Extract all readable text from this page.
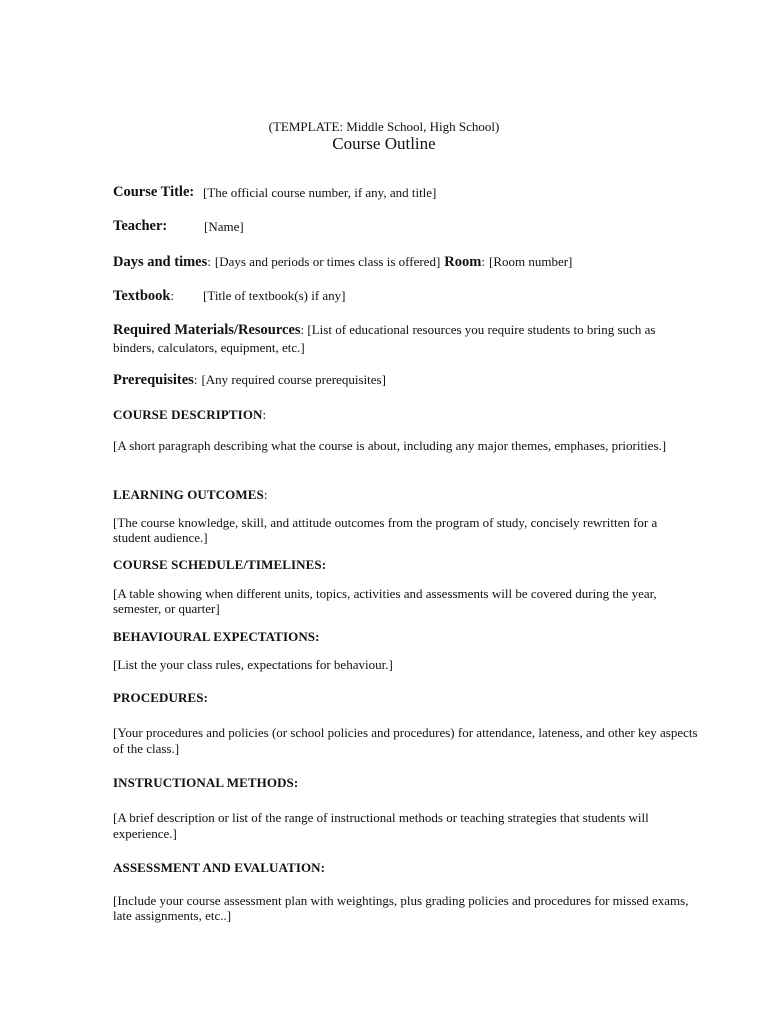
(TEMPLATE: Middle School, High School)

Course Outline

Course Title: [The official course number, if any, and title]
Teacher:	[Name]
Days and times: [Days and periods or times class is offered] Room: [Room number]
Textbook: [Title of textbook(s) if any]

Required Materials/Resources: [List of educational resources you require students to bring such as binders, calculators, equipment, etc.]

Prerequisites: [Any required course prerequisites]
COURSE DESCRIPTION:

[A short paragraph describing what the course is about, including any major themes, emphases, priorities.]

LEARNING OUTCOMES:

[The course knowledge, skill, and attitude outcomes from the program of study, concisely rewritten for a student audience.]

COURSE SCHEDULE/TIMELINES:

[A table showing when different units, topics, activities and assessments will be covered during the year, semester, or quarter]

BEHAVIOURAL EXPECTATIONS:

[List the your class rules, expectations for behaviour.]

PROCEDURES:

[Your procedures and policies (or school policies and procedures) for attendance, lateness, and other key aspects of the class.]

INSTRUCTIONAL METHODS:

[A brief description or list of the range of instructional methods or teaching strategies that students will experience.]

ASSESSMENT AND EVALUATION:

[Include your course assessment plan with weightings, plus grading policies and procedures for missed exams, late assignments, etc..]
